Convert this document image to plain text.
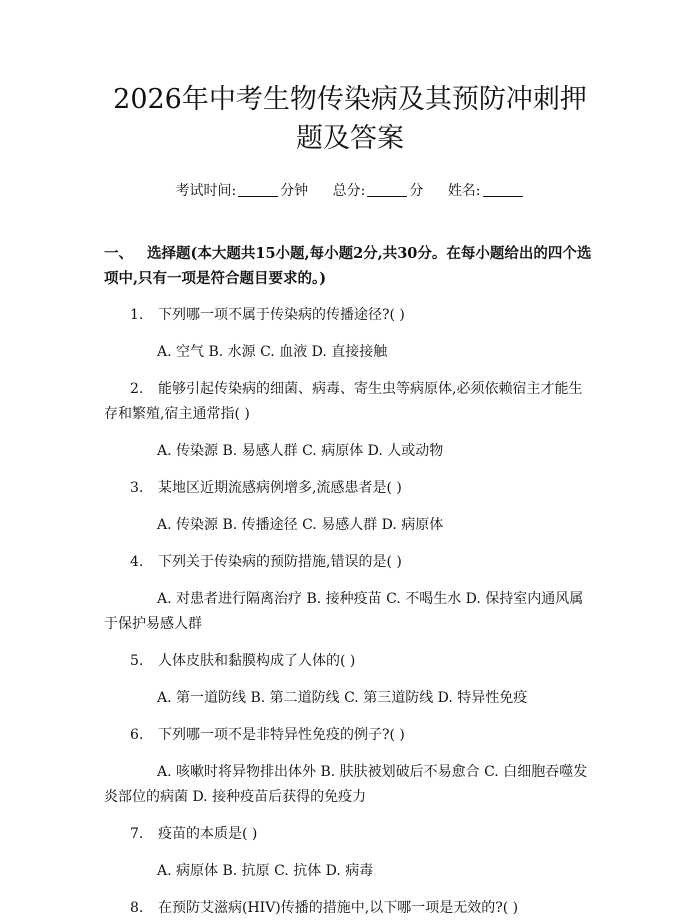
2026年中考生物传染病及其预防冲刺押题及答案
考试时间:	分钟 总分:	分 姓名:
一、 选择题(本大题共15小题,每小题2分,共30分。在每小题给出的四个选项中,只有一项是符合题目要求的。)
1. 下列哪一项不属于传染病的传播途径?( )
A. 空气 B. 水源 C. 血液 D. 直接接触
2. 能够引起传染病的细菌、病毒、寄生虫等病原体,必须依赖宿主才能生存和繁殖,宿主通常指( )
A. 传染源 B. 易感人群 C. 病原体 D. 人或动物
3. 某地区近期流感病例增多,流感患者是( )
A. 传染源 B. 传播途径 C. 易感人群 D. 病原体
4. 下列关于传染病的预防措施,错误的是( )
A. 对患者进行隔离治疗 B. 接种疫苗 C. 不喝生水 D. 保持室内通风属于保护易感人群
5. 人体皮肤和黏膜构成了人体的( )
A. 第一道防线 B. 第二道防线 C. 第三道防线 D. 特异性免疫
6. 下列哪一项不是非特异性免疫的例子?( )
A. 咳嗽时将异物排出体外 B. 肤肤被划破后不易愈合 C. 白细胞吞噬发炎部位的病菌 D. 接种疫苗后获得的免疫力
7. 疫苗的本质是( )
A. 病原体 B. 抗原 C. 抗体 D. 病毒
8. 在预防艾滋病(HIV)传播的措施中,以下哪一项是无效的?( )
